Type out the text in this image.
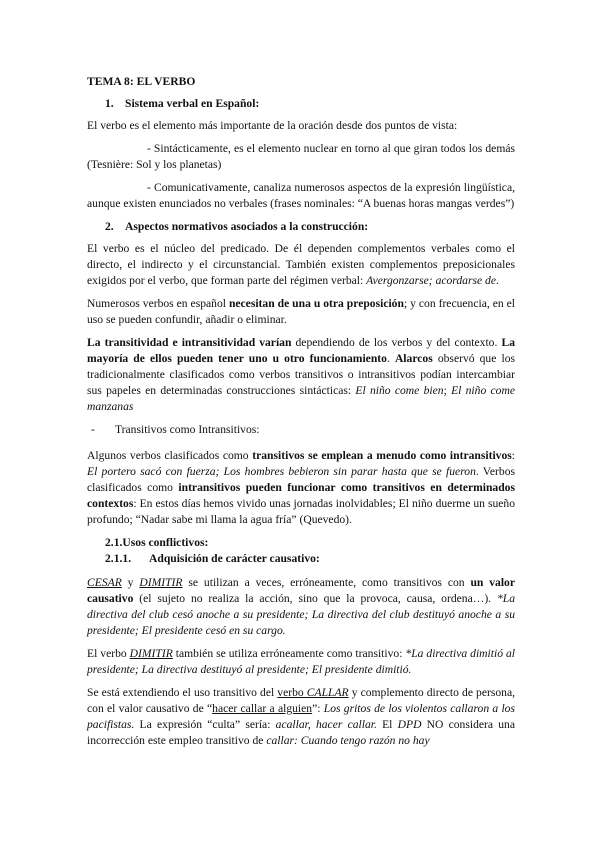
TEMA 8: EL VERBO
1. Sistema verbal en Español:

El verbo es el elemento más importante de la oración desde dos puntos de vista:

- Sintácticamente, es el elemento nuclear en torno al que giran todos los demás (Tesnière: Sol y los planetas)

- Comunicativamente, canaliza numerosos aspectos de la expresión lingüística, aunque existen enunciados no verbales (frases nominales: “A buenas horas mangas verdes”)

2. Aspectos normativos asociados a la construcción:

El verbo es el núcleo del predicado. De él dependen complementos verbales como el directo, el indirecto y el circunstancial. También existen complementos preposicionales exigidos por el verbo, que forman parte del régimen verbal: Avergonzarse; acordarse de.

Numerosos verbos en español necesitan de una u otra preposición; y con frecuencia, en el uso se pueden confundir, añadir o eliminar.

La transitividad e intransitividad varían dependiendo de los verbos y del contexto. La mayoría de ellos pueden tener uno u otro funcionamiento. Alarcos observó que los tradicionalmente clasificados como verbos transitivos o intransitivos podían intercambiar sus papeles en determinadas construcciones sintácticas: El niño come bien; El niño come manzanas

- Transitivos como Intransitivos:

Algunos verbos clasificados como transitivos se emplean a menudo como intransitivos: El portero sacó con fuerza; Los hombres bebieron sin parar hasta que se fueron. Verbos clasificados como intransitivos pueden funcionar como transitivos en determinados contextos: En estos días hemos vivido unas jornadas inolvidables; El niño duerme un sueño profundo; “Nadar sabe mi llama la agua fría” (Quevedo).

2.1.Usos conflictivos:
2.1.1. Adquisición de carácter causativo:

CESAR y DIMITIR se utilizan a veces, erróneamente, como transitivos con un valor causativo (el sujeto no realiza la acción, sino que la provoca, causa, ordena…). *La directiva del club cesó anoche a su presidente; La directiva del club destituyó anoche a su presidente; El presidente cesó en su cargo.

El verbo DIMITIR también se utiliza erróneamente como transitivo: *La directiva dimitió al presidente; La directiva destituyó al presidente; El presidente dimitió.

Se está extendiendo el uso transitivo del verbo CALLAR y complemento directo de persona, con el valor causativo de “hacer callar a alguien”: Los gritos de los violentos callaron a los pacifistas. La expresión “culta” sería: acallar, hacer callar. El DPD NO considera una incorrección este empleo transitivo de callar: Cuando tengo razón no hay
